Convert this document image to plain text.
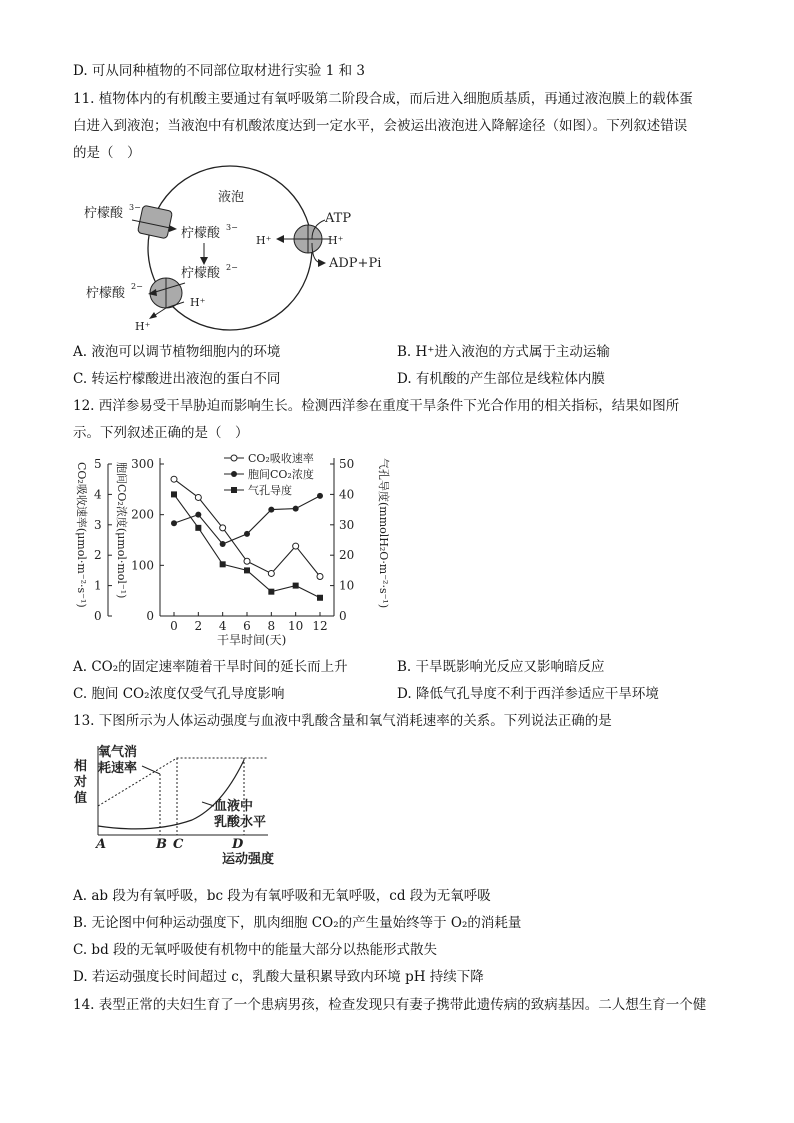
D. 可从同种植物的不同部位取材进行实验 1 和 3
11. 植物体内的有机酸主要通过有氧呼吸第二阶段合成，而后进入细胞质基质，再通过液泡膜上的载体蛋
白进入到液泡；当液泡中有机酸浓度达到一定水平，会被运出液泡进入降解途径（如图）。下列叙述错误
的是（　）
液泡
柠檬酸 3−
柠檬酸 3−
柠檬酸 2−
柠檬酸 2−
H⁺
H⁺
ATP
H⁺	H⁺
ADP+Pi
A. 液泡可以调节植物细胞内的环境	B. H⁺进入液泡的方式属于主动运输
C. 转运柠檬酸进出液泡的蛋白不同	D. 有机酸的产生部位是线粒体内膜
12. 西洋参易受干旱胁迫而影响生长。检测西洋参在重度干旱条件下光合作用的相关指标，结果如图所
示。下列叙述正确的是（　）
CO₂吸收速率(μmol·m⁻²·s⁻¹) 胞间CO₂浓度(μmol·mol⁻¹)	气孔导度(mmolH₂O·m⁻²·s⁻¹)
干旱时间(天)
0
1
2
3
4
5
0
100
200
300
0
10
20
30
40
50
0 2 4 6 8 10 12
CO₂吸收速率
胞间CO₂浓度
气孔导度
A. CO₂的固定速率随着干旱时间的延长而上升	B. 干旱既影响光反应又影响暗反应
C. 胞间 CO₂浓度仅受气孔导度影响	D. 降低气孔导度不利于西洋参适应干旱环境
13. 下图所示为人体运动强度与血液中乳酸含量和氧气消耗速率的关系。下列说法正确的是
相
对
值
氧气消
耗速率
血液中
乳酸水平
A	B C	D
运动强度
A. ab 段为有氧呼吸，bc 段为有氧呼吸和无氧呼吸，cd 段为无氧呼吸
B. 无论图中何种运动强度下，肌肉细胞 CO₂的产生量始终等于 O₂的消耗量
C. bd 段的无氧呼吸使有机物中的能量大部分以热能形式散失
D. 若运动强度长时间超过 c，乳酸大量积累导致内环境 pH 持续下降
14. 表型正常的夫妇生育了一个患病男孩，检查发现只有妻子携带此遗传病的致病基因。二人想生育一个健
